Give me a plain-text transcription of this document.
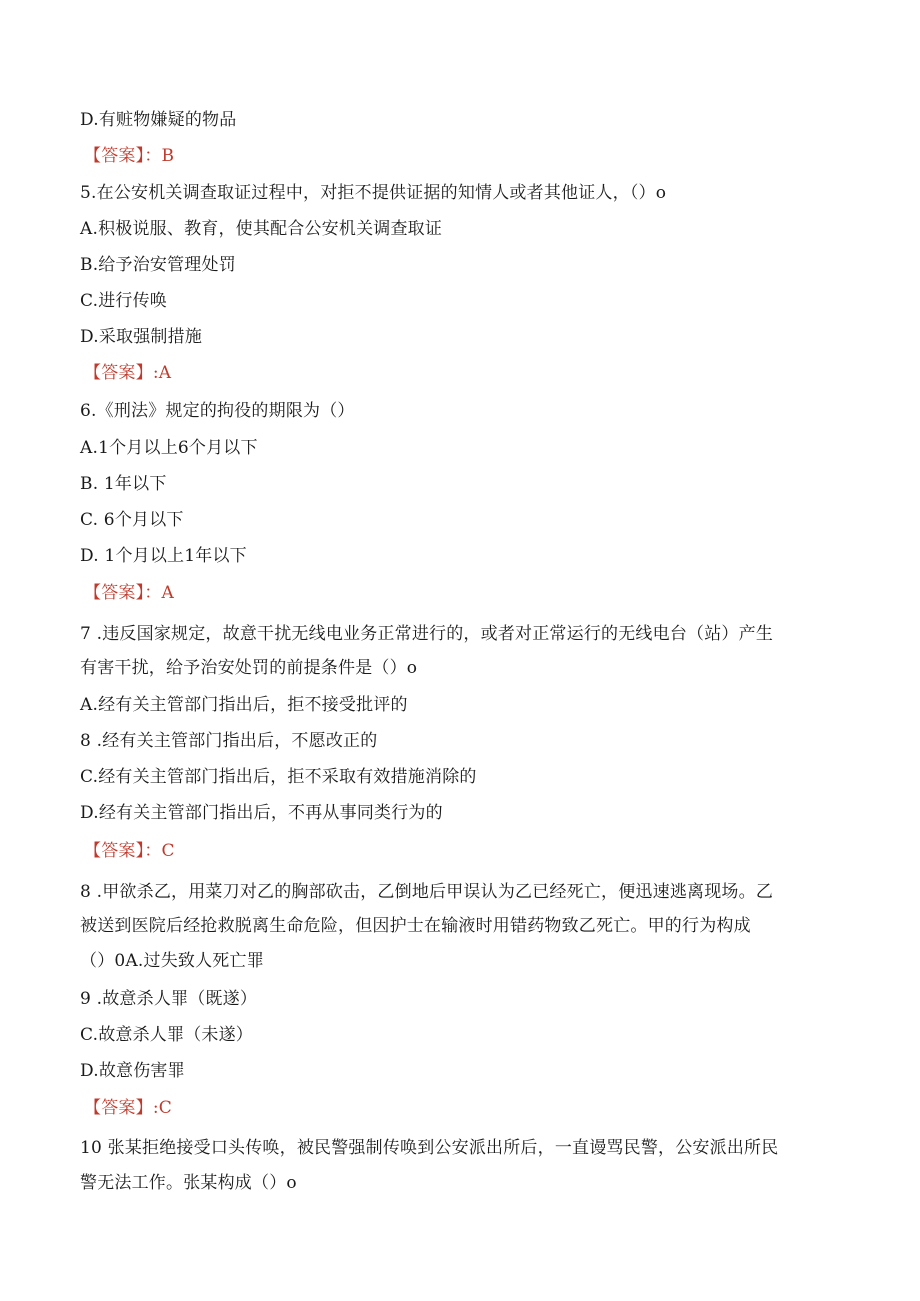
D.有赃物嫌疑的物品
【答案】：B
5.在公安机关调查取证过程中，对拒不提供证据的知情人或者其他证人，（）o
A.积极说服、教育，使其配合公安机关调查取证
B.给予治安管理处罚
C.进行传唤
D.采取强制措施
【答案】:A
6.《刑法》规定的拘役的期限为（）
A.1个月以上6个月以下
B. 1年以下
C. 6个月以下
D. 1个月以上1年以下
【答案】：A
7 .违反国家规定，故意干扰无线电业务正常进行的，或者对正常运行的无线电台（站）产生
有害干扰，给予治安处罚的前提条件是（）o
A.经有关主管部门指出后，拒不接受批评的
8 .经有关主管部门指出后，不愿改正的
C.经有关主管部门指出后，拒不采取有效措施消除的
D.经有关主管部门指出后，不再从事同类行为的
【答案】：C
8 .甲欲杀乙，用菜刀对乙的胸部砍击，乙倒地后甲误认为乙已经死亡，便迅速逃离现场。乙
被送到医院后经抢救脱离生命危险，但因护士在输液时用错药物致乙死亡。甲的行为构成
（）0A.过失致人死亡罪
9 .故意杀人罪（既遂）
C.故意杀人罪（未遂）
D.故意伤害罪
【答案】:C
10 张某拒绝接受口头传唤，被民警强制传唤到公安派出所后，一直谩骂民警，公安派出所民
警无法工作。张某构成（）o
